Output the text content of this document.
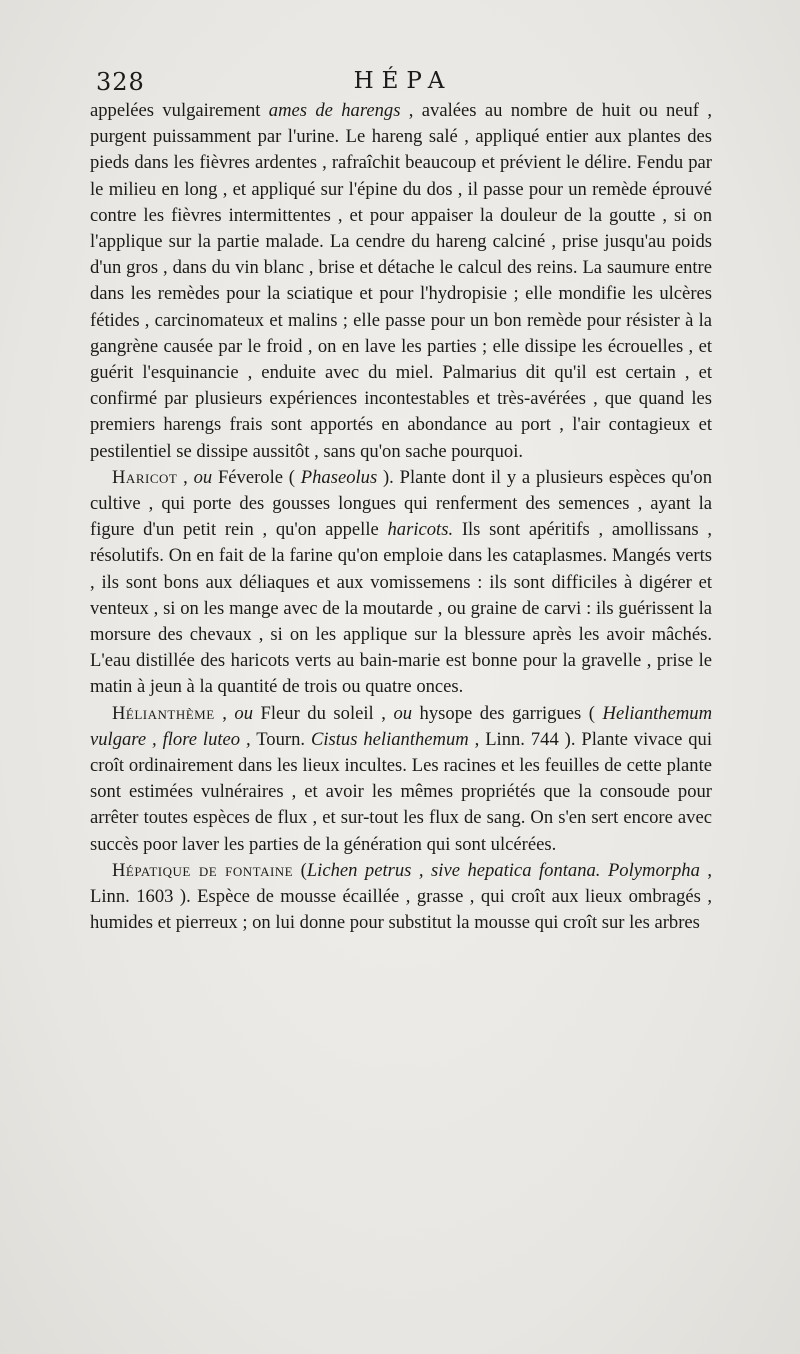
328	HÉPA

appelées vulgairement ames de harengs , avalées au nombre de huit ou neuf , purgent puissamment par l'urine. Le hareng salé , appliqué entier aux plantes des pieds dans les fièvres ardentes , rafraîchit beaucoup et prévient le délire. Fendu par le milieu en long , et appliqué sur l'épine du dos , il passe pour un remède éprouvé contre les fièvres intermittentes , et pour appaiser la douleur de la goutte , si on l'applique sur la partie malade. La cendre du hareng calciné , prise jusqu'au poids d'un gros , dans du vin blanc , brise et détache le calcul des reins. La saumure entre dans les remèdes pour la sciatique et pour l'hydropisie ; elle mondifie les ulcères fétides , carcinomateux et malins ; elle passe pour un bon remède pour résister à la gangrène causée par le froid , on en lave les parties ; elle dissipe les écrouelles , et guérit l'esquinancie , enduite avec du miel. Palmarius dit qu'il est certain , et confirmé par plusieurs expériences incontestables et très-avérées , que quand les premiers harengs frais sont apportés en abondance au port , l'air contagieux et pestilentiel se dissipe aussitôt , sans qu'on sache pourquoi.

Haricot , ou Féverole ( Phaseolus ). Plante dont il y a plusieurs espèces qu'on cultive , qui porte des gousses longues qui renferment des semences , ayant la figure d'un petit rein , qu'on appelle haricots. Ils sont apéritifs , amollissans , résolutifs. On en fait de la farine qu'on emploie dans les cataplasmes. Mangés verts , ils sont bons aux déliaques et aux vomissemens : ils sont difficiles à digérer et venteux , si on les mange avec de la moutarde , ou graine de carvi : ils guérissent la morsure des chevaux , si on les applique sur la blessure après les avoir mâchés. L'eau distillée des haricots verts au bain-marie est bonne pour la gravelle , prise le matin à jeun à la quantité de trois ou quatre onces.

Hélianthème , ou Fleur du soleil , ou hysope des garrigues ( Helianthemum vulgare , flore luteo , Tourn. Cistus helianthemum , Linn. 744 ). Plante vivace qui croît ordinairement dans les lieux incultes. Les racines et les feuilles de cette plante sont estimées vulnéraires , et avoir les mêmes propriétés que la consoude pour arrêter toutes espèces de flux , et sur-tout les flux de sang. On s'en sert encore avec succès poor laver les parties de la génération qui sont ulcérées.

Hépatique de fontaine (Lichen petrus , sive hepatica fontana. Polymorpha , Linn. 1603 ). Espèce de mousse écaillée , grasse , qui croît aux lieux ombragés , humides et pierreux ; on lui donne pour substitut la mousse qui croît sur les arbres
